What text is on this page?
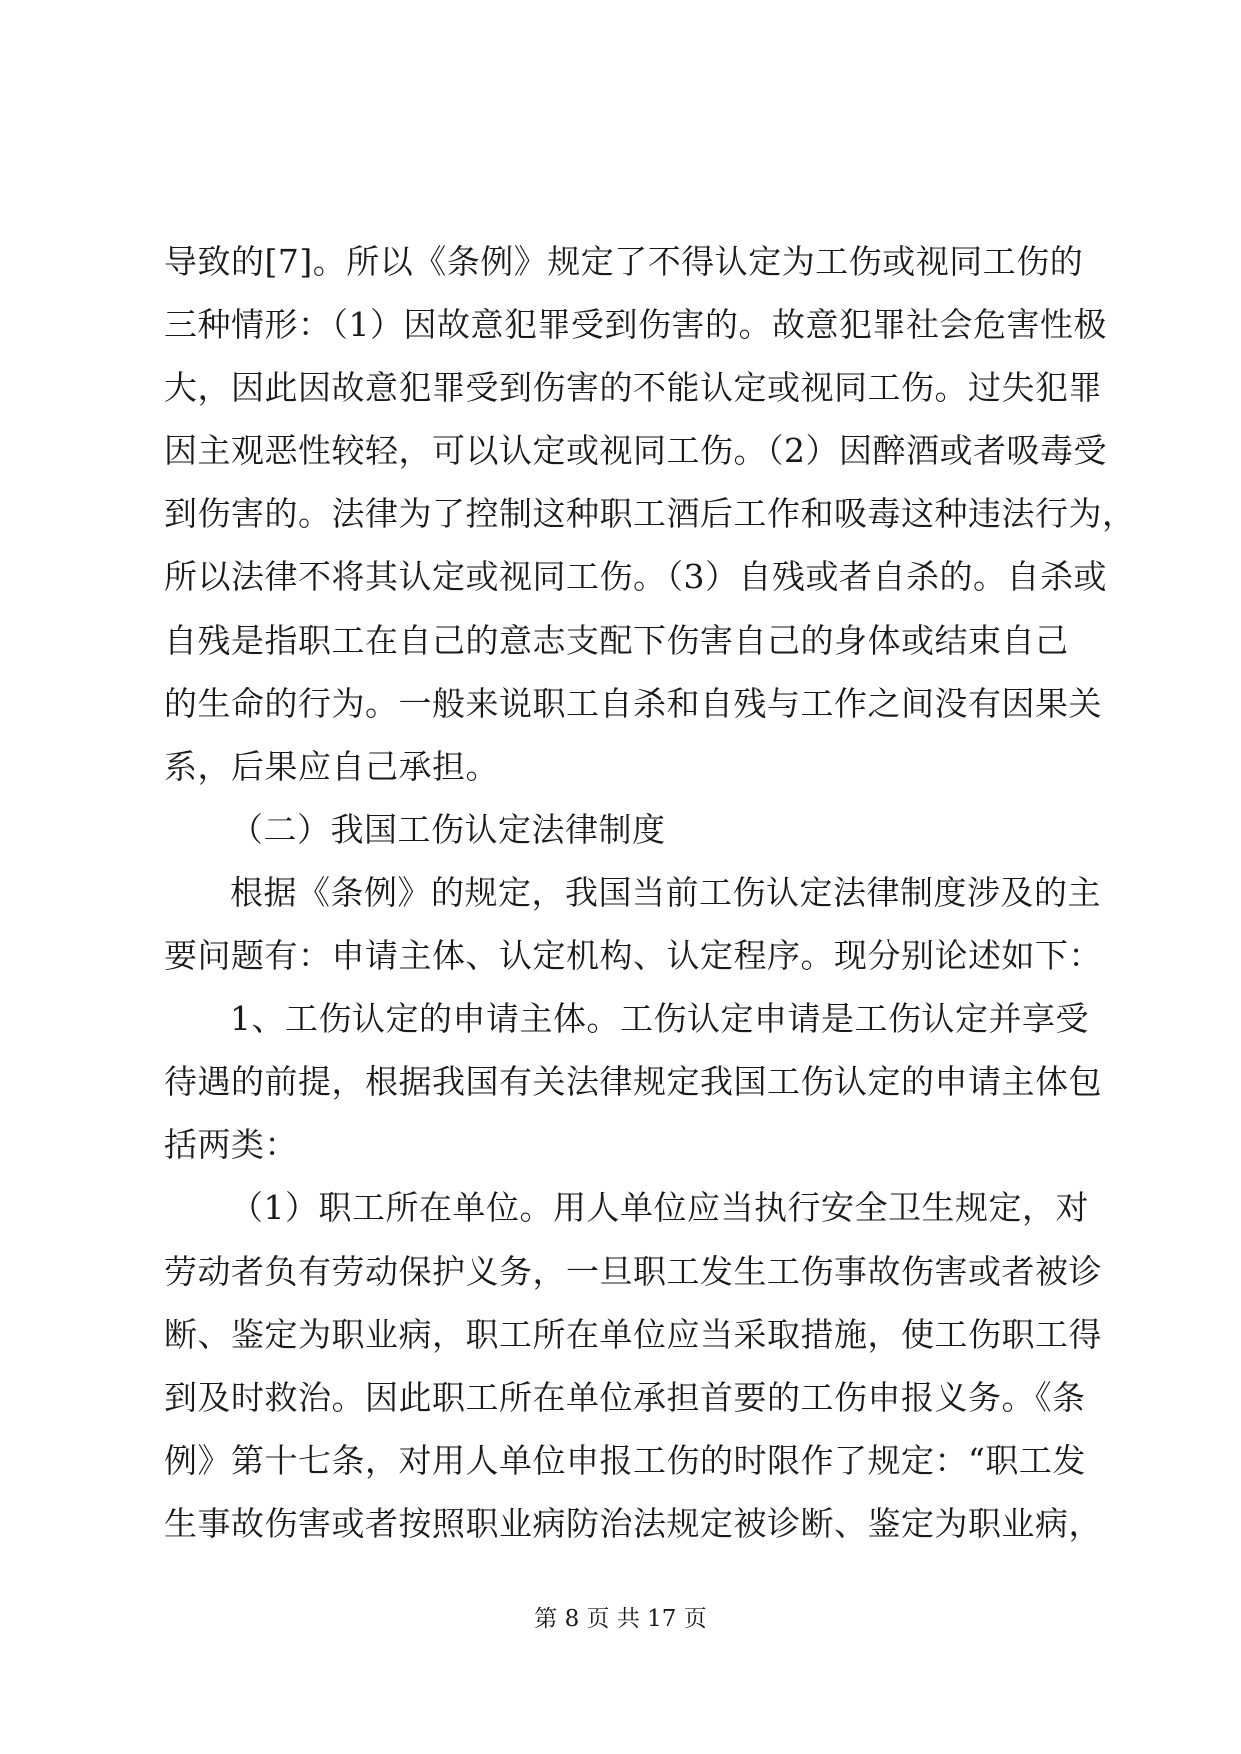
导致的[7]。所以《条例》规定了不得认定为工伤或视同工伤的
三种情形：（1）因故意犯罪受到伤害的。故意犯罪社会危害性极
大，因此因故意犯罪受到伤害的不能认定或视同工伤。过失犯罪
因主观恶性较轻，可以认定或视同工伤。（2）因醉酒或者吸毒受
到伤害的。法律为了控制这种职工酒后工作和吸毒这种违法行为，
所以法律不将其认定或视同工伤。（3）自残或者自杀的。自杀或
自残是指职工在自己的意志支配下伤害自己的身体或结束自己
的生命的行为。一般来说职工自杀和自残与工作之间没有因果关
系，后果应自己承担。
（二）我国工伤认定法律制度
根据《条例》的规定，我国当前工伤认定法律制度涉及的主
要问题有：申请主体、认定机构、认定程序。现分别论述如下：
1、工伤认定的申请主体。工伤认定申请是工伤认定并享受
待遇的前提，根据我国有关法律规定我国工伤认定的申请主体包
括两类：
（1）职工所在单位。用人单位应当执行安全卫生规定，对
劳动者负有劳动保护义务，一旦职工发生工伤事故伤害或者被诊
断、鉴定为职业病，职工所在单位应当采取措施，使工伤职工得
到及时救治。因此职工所在单位承担首要的工伤申报义务。《条
例》第十七条，对用人单位申报工伤的时限作了规定：“职工发
生事故伤害或者按照职业病防治法规定被诊断、鉴定为职业病，
第 8 页 共 17 页
